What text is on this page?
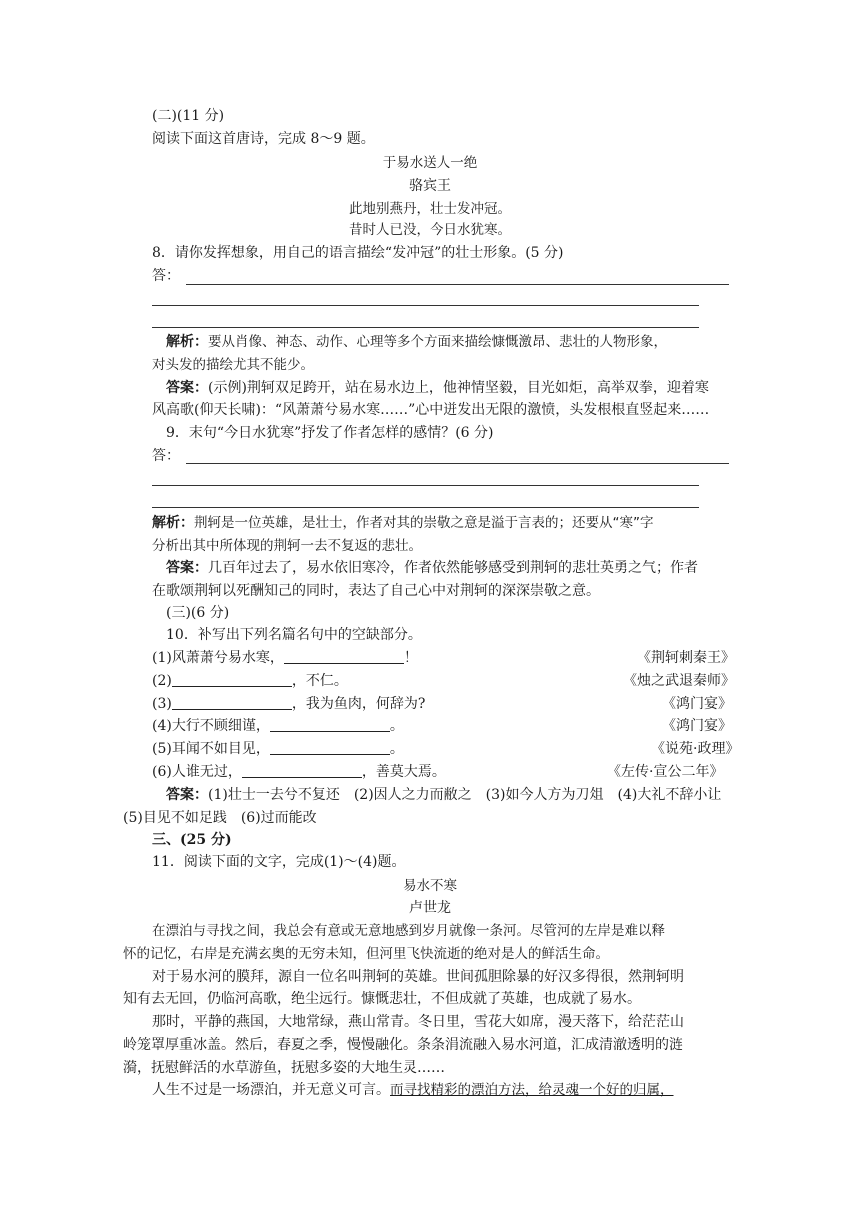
(二)(11 分)
阅读下面这首唐诗，完成 8～9 题。
于易水送人一绝
骆宾王
此地别燕丹，壮士发冲冠。
昔时人已没，今日水犹寒。
8．请你发挥想象，用自己的语言描绘“发冲冠”的壮士形象。(5 分)
答：
解析：要从肖像、神态、动作、心理等多个方面来描绘慷慨激昂、悲壮的人物形象，
对头发的描绘尤其不能少。
答案：(示例)荆轲双足跨开，站在易水边上，他神情坚毅，目光如炬，高举双拳，迎着寒
风高歌(仰天长啸)：“风萧萧兮易水寒……”心中迸发出无限的激愤，头发根根直竖起来……
9．末句“今日水犹寒”抒发了作者怎样的感情？(6 分)
答：
解析：荆轲是一位英雄，是壮士，作者对其的崇敬之意是溢于言表的；还要从“寒”字
分析出其中所体现的荆轲一去不复返的悲壮。
答案：几百年过去了，易水依旧寒冷，作者依然能够感受到荆轲的悲壮英勇之气；作者
在歌颂荆轲以死酬知己的同时，表达了自己心中对荆轲的深深崇敬之意。
(三)(6 分)
10．补写出下列名篇名句中的空缺部分。
(1)风萧萧兮易水寒，	！	《荆轲刺秦王》
(2)	，不仁。	《烛之武退秦师》
(3)	，我为鱼肉，何辞为?	《鸿门宴》
(4)大行不顾细谨，	。	《鸿门宴》
(5)耳闻不如目见，	。	《说苑·政理》
(6)人谁无过，	，善莫大焉。	《左传·宣公二年》
答案：(1)壮士一去兮不复还　(2)因人之力而敝之　(3)如今人方为刀俎　(4)大礼不辞小让
(5)目见不如足践　(6)过而能改
三、(25 分)
11．阅读下面的文字，完成(1)～(4)题。
易水不寒
卢世龙
在漂泊与寻找之间，我总会有意或无意地感到岁月就像一条河。尽管河的左岸是难以释
怀的记忆，右岸是充满玄奥的无穷未知，但河里飞快流逝的绝对是人的鲜活生命。
对于易水河的膜拜，源自一位名叫荆轲的英雄。世间孤胆除暴的好汉多得很，然荆轲明
知有去无回，仍临河高歌，绝尘远行。慷慨悲壮，不但成就了英雄，也成就了易水。
那时，平静的燕国，大地常绿，燕山常青。冬日里，雪花大如席，漫天落下，给茫茫山
岭笼罩厚重冰盖。然后，春夏之季，慢慢融化。条条涓流融入易水河道，汇成清澈透明的涟
漪，抚慰鲜活的水草游鱼，抚慰多姿的大地生灵……
人生不过是一场漂泊，并无意义可言。而寻找精彩的漂泊方法，给灵魂一个好的归属，
